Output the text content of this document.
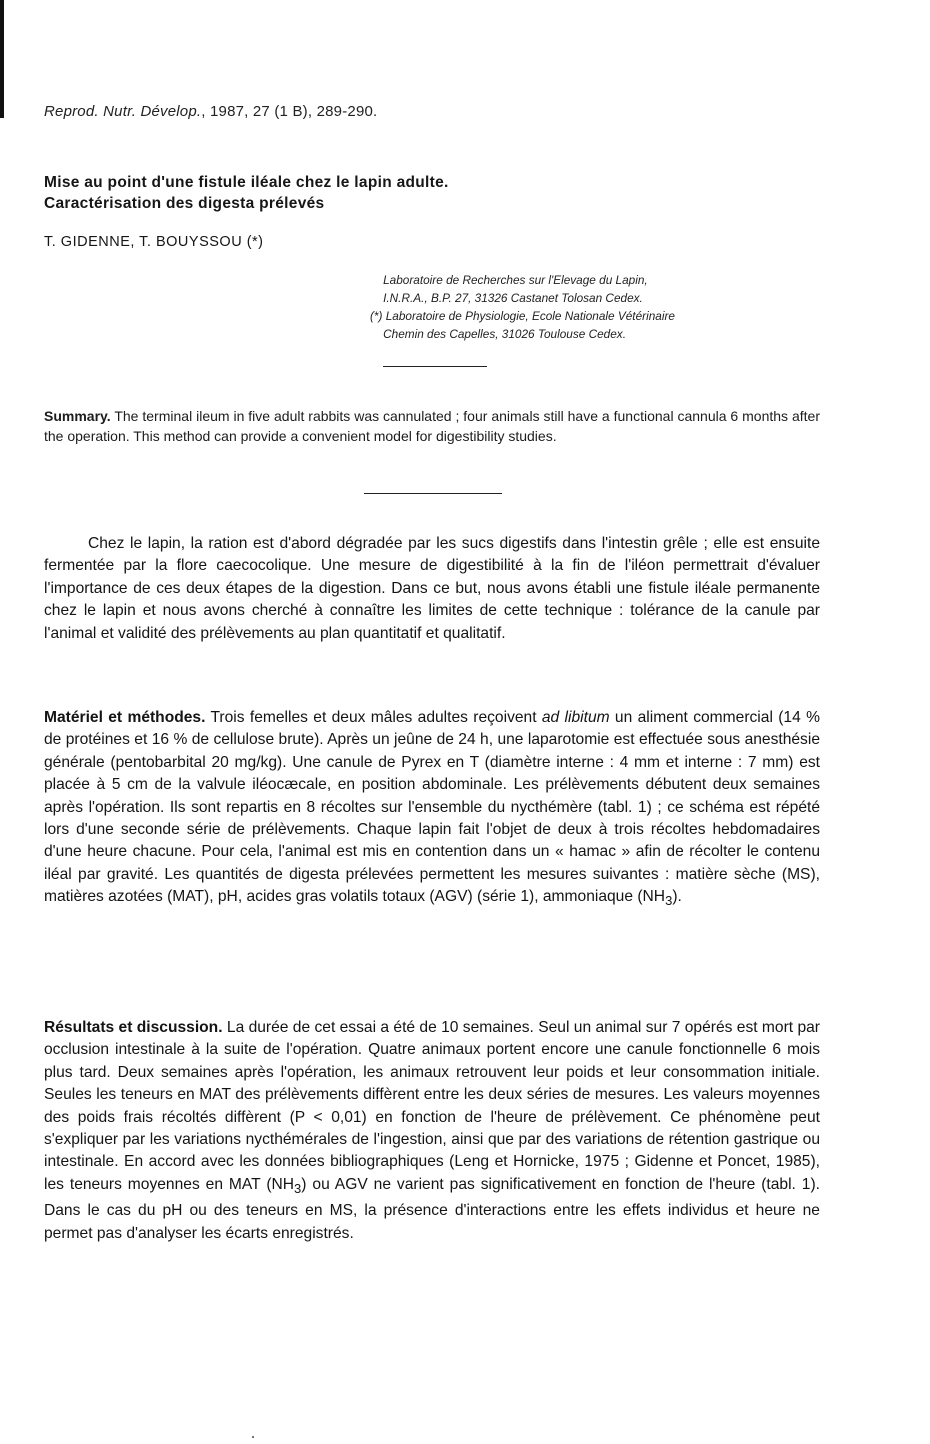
Reprod. Nutr. Dévelop., 1987, 27 (1 B), 289-290.
Mise au point d'une fistule iléale chez le lapin adulte.
Caractérisation des digesta prélevés
T. GIDENNE, T. BOUYSSOU (*)
Laboratoire de Recherches sur l'Elevage du Lapin,
I.N.R.A., B.P. 27, 31326 Castanet Tolosan Cedex.
(*) Laboratoire de Physiologie, Ecole Nationale Vétérinaire
Chemin des Capelles, 31026 Toulouse Cedex.
Summary. The terminal ileum in five adult rabbits was cannulated ; four animals still have a functional cannula 6 months after the operation. This method can provide a convenient model for digestibility studies.
Chez le lapin, la ration est d'abord dégradée par les sucs digestifs dans l'intestin grêle ; elle est ensuite fermentée par la flore caecocolique. Une mesure de digestibilité à la fin de l'iléon permettrait d'évaluer l'importance de ces deux étapes de la digestion. Dans ce but, nous avons établi une fistule iléale permanente chez le lapin et nous avons cherché à connaître les limites de cette technique : tolérance de la canule par l'animal et validité des prélèvements au plan quantitatif et qualitatif.
Matériel et méthodes. Trois femelles et deux mâles adultes reçoivent ad libitum un aliment commercial (14 % de protéines et 16 % de cellulose brute). Après un jeûne de 24 h, une laparotomie est effectuée sous anesthésie générale (pentobarbital 20 mg/kg). Une canule de Pyrex en T (diamètre interne : 4 mm et interne : 7 mm) est placée à 5 cm de la valvule iléocæcale, en position abdominale. Les prélèvements débutent deux semaines après l'opération. Ils sont repartis en 8 récoltes sur l'ensemble du nycthémère (tabl. 1) ; ce schéma est répété lors d'une seconde série de prélèvements. Chaque lapin fait l'objet de deux à trois récoltes hebdomadaires d'une heure chacune. Pour cela, l'animal est mis en contention dans un « hamac » afin de récolter le contenu iléal par gravité. Les quantités de digesta prélevées permettent les mesures suivantes : matière sèche (MS), matières azotées (MAT), pH, acides gras volatils totaux (AGV) (série 1), ammoniaque $(NH_3)$.
Résultats et discussion. La durée de cet essai a été de 10 semaines. Seul un animal sur 7 opérés est mort par occlusion intestinale à la suite de l'opération. Quatre animaux portent encore une canule fonctionnelle 6 mois plus tard. Deux semaines après l'opération, les animaux retrouvent leur poids et leur consommation initiale. Seules les teneurs en MAT des prélèvements diffèrent entre les deux séries de mesures. Les valeurs moyennes des poids frais récoltés diffèrent (P < 0,01) en fonction de l'heure de prélèvement. Ce phénomène peut s'expliquer par les variations nycthémérales de l'ingestion, ainsi que par des variations de rétention gastrique ou intestinale. En accord avec les données bibliographiques (Leng et Hornicke, 1975 ; Gidenne et Poncet, 1985), les teneurs moyennes en MAT $(NH_3)$ ou AGV ne varient pas significativement en fonction de l'heure (tabl. 1). Dans le cas du pH ou des teneurs en MS, la présence d'interactions entre les effets individus et heure ne permet pas d'analyser les écarts enregistrés.
